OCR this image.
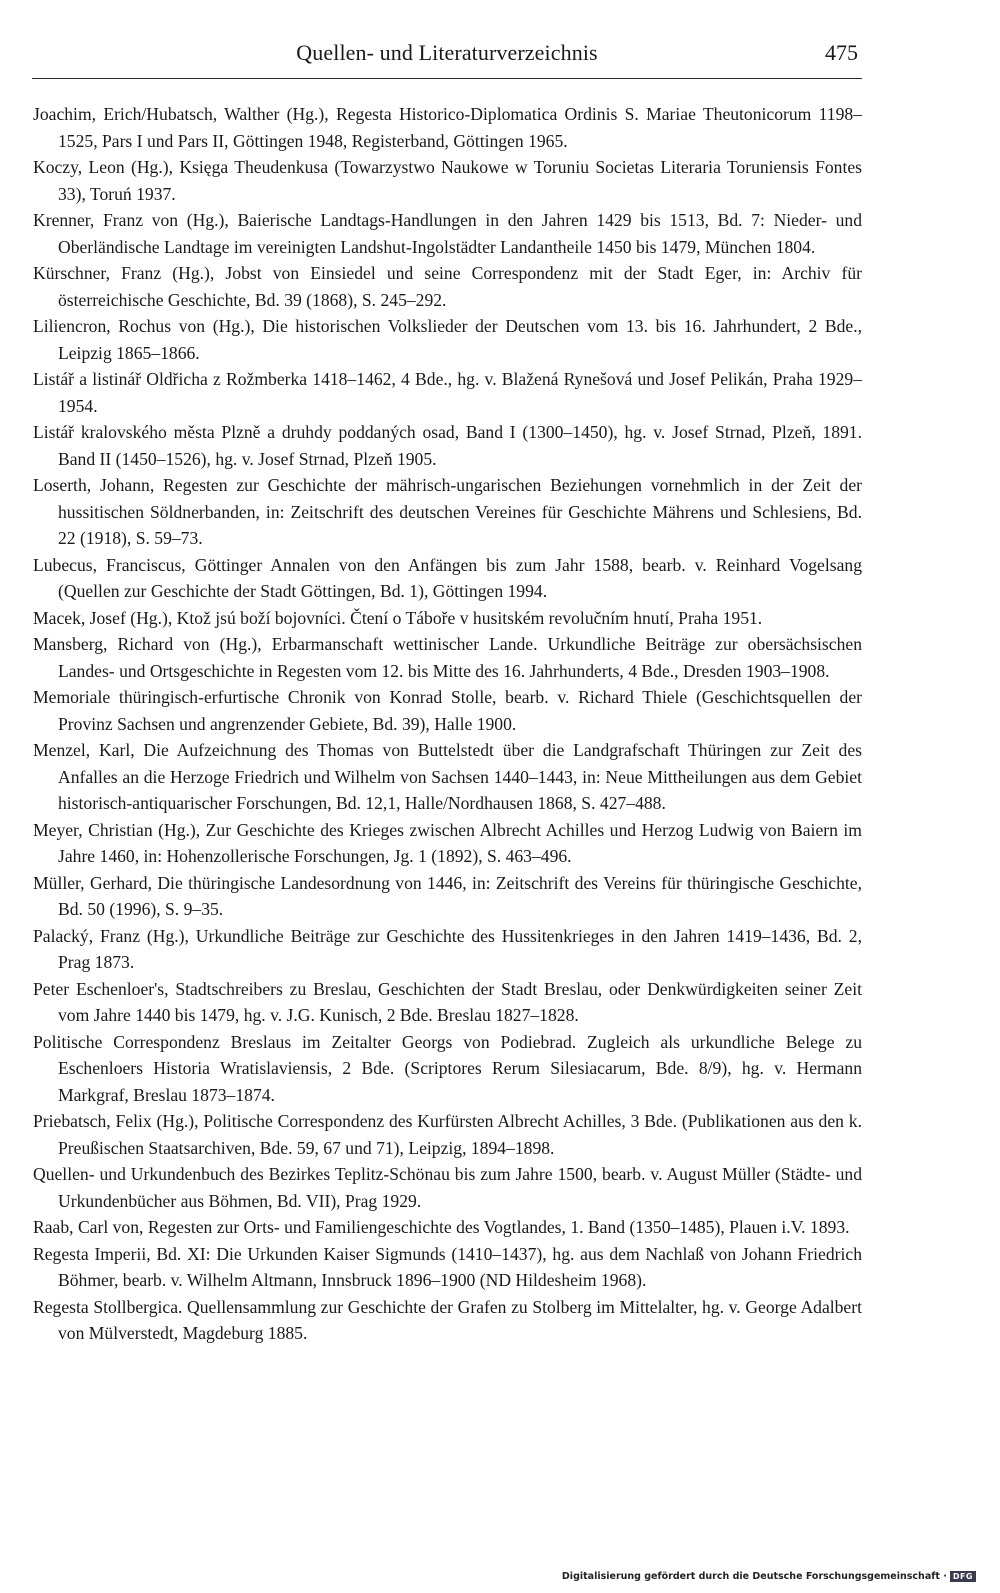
Quellen- und Literaturverzeichnis	475

Joachim, Erich/Hubatsch, Walther (Hg.), Regesta Historico-Diplomatica Ordinis S. Mariae Theutonicorum 1198–1525, Pars I und Pars II, Göttingen 1948, Registerband, Göttingen 1965.

Koczy, Leon (Hg.), Księga Theudenkusa (Towarzystwo Naukowe w Toruniu Societas Literaria Toruniensis Fontes 33), Toruń 1937.

Krenner, Franz von (Hg.), Baierische Landtags-Handlungen in den Jahren 1429 bis 1513, Bd. 7: Nieder- und Oberländische Landtage im vereinigten Landshut-Ingolstädter Landantheile 1450 bis 1479, München 1804.

Kürschner, Franz (Hg.), Jobst von Einsiedel und seine Correspondenz mit der Stadt Eger, in: Archiv für österreichische Geschichte, Bd. 39 (1868), S. 245–292.

Liliencron, Rochus von (Hg.), Die historischen Volkslieder der Deutschen vom 13. bis 16. Jahrhundert, 2 Bde., Leipzig 1865–1866.

Listář a listinář Oldřicha z Rožmberka 1418–1462, 4 Bde., hg. v. Blažená Rynešová und Josef Pelikán, Praha 1929–1954.

Listář kralovského města Plzně a druhdy poddaných osad, Band I (1300–1450), hg. v. Josef Strnad, Plzeň, 1891. Band II (1450–1526), hg. v. Josef Strnad, Plzeň 1905.

Loserth, Johann, Regesten zur Geschichte der mährisch-ungarischen Beziehungen vornehmlich in der Zeit der hussitischen Söldnerbanden, in: Zeitschrift des deutschen Vereines für Geschichte Mährens und Schlesiens, Bd. 22 (1918), S. 59–73.

Lubecus, Franciscus, Göttinger Annalen von den Anfängen bis zum Jahr 1588, bearb. v. Reinhard Vogelsang (Quellen zur Geschichte der Stadt Göttingen, Bd. 1), Göttingen 1994.

Macek, Josef (Hg.), Ktož jsú boží bojovníci. Čtení o Táboře v husitském revolučním hnutí, Praha 1951.

Mansberg, Richard von (Hg.), Erbarmanschaft wettinischer Lande. Urkundliche Beiträge zur obersächsischen Landes- und Ortsgeschichte in Regesten vom 12. bis Mitte des 16. Jahrhunderts, 4 Bde., Dresden 1903–1908.

Memoriale thüringisch-erfurtische Chronik von Konrad Stolle, bearb. v. Richard Thiele (Geschichtsquellen der Provinz Sachsen und angrenzender Gebiete, Bd. 39), Halle 1900.

Menzel, Karl, Die Aufzeichnung des Thomas von Buttelstedt über die Landgrafschaft Thüringen zur Zeit des Anfalles an die Herzoge Friedrich und Wilhelm von Sachsen 1440–1443, in: Neue Mittheilungen aus dem Gebiet historisch-antiquarischer Forschungen, Bd. 12,1, Halle/Nordhausen 1868, S. 427–488.

Meyer, Christian (Hg.), Zur Geschichte des Krieges zwischen Albrecht Achilles und Herzog Ludwig von Baiern im Jahre 1460, in: Hohenzollerische Forschungen, Jg. 1 (1892), S. 463–496.

Müller, Gerhard, Die thüringische Landesordnung von 1446, in: Zeitschrift des Vereins für thüringische Geschichte, Bd. 50 (1996), S. 9–35.

Palacký, Franz (Hg.), Urkundliche Beiträge zur Geschichte des Hussitenkrieges in den Jahren 1419–1436, Bd. 2, Prag 1873.

Peter Eschenloer's, Stadtschreibers zu Breslau, Geschichten der Stadt Breslau, oder Denkwürdigkeiten seiner Zeit vom Jahre 1440 bis 1479, hg. v. J.G. Kunisch, 2 Bde. Breslau 1827–1828.

Politische Correspondenz Breslaus im Zeitalter Georgs von Podiebrad. Zugleich als urkundliche Belege zu Eschenloers Historia Wratislaviensis, 2 Bde. (Scriptores Rerum Silesiacarum, Bde. 8/9), hg. v. Hermann Markgraf, Breslau 1873–1874.

Priebatsch, Felix (Hg.), Politische Correspondenz des Kurfürsten Albrecht Achilles, 3 Bde. (Publikationen aus den k. Preußischen Staatsarchiven, Bde. 59, 67 und 71), Leipzig, 1894–1898.

Quellen- und Urkundenbuch des Bezirkes Teplitz-Schönau bis zum Jahre 1500, bearb. v. August Müller (Städte- und Urkundenbücher aus Böhmen, Bd. VII), Prag 1929.

Raab, Carl von, Regesten zur Orts- und Familiengeschichte des Vogtlandes, 1. Band (1350–1485), Plauen i.V. 1893.

Regesta Imperii, Bd. XI: Die Urkunden Kaiser Sigmunds (1410–1437), hg. aus dem Nachlaß von Johann Friedrich Böhmer, bearb. v. Wilhelm Altmann, Innsbruck 1896–1900 (ND Hildesheim 1968).

Regesta Stollbergica. Quellensammlung zur Geschichte der Grafen zu Stolberg im Mittelalter, hg. v. George Adalbert von Mülverstedt, Magdeburg 1885.

Digitalisierung gefördert durch die Deutsche Forschungsgemeinschaft · DFG
